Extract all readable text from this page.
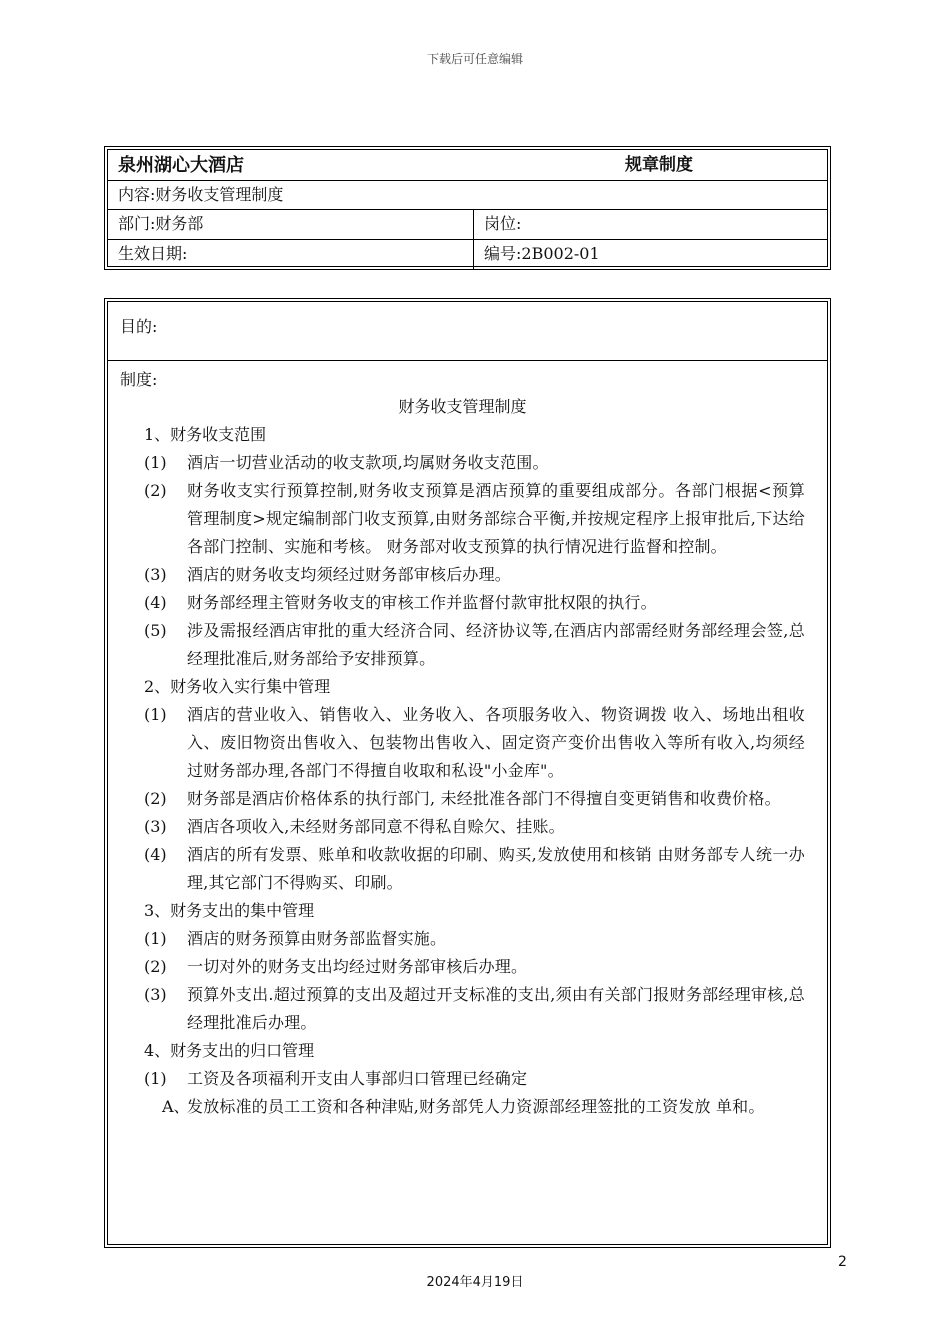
下载后可任意编辑
泉州湖心大酒店	规章制度
内容:财务收支管理制度
部门:财务部	岗位:
生效日期:	编号:2B002-01
目的:
制度:
财务收支管理制度
1、财务收支范围
(1)	酒店一切营业活动的收支款项,均属财务收支范围。
(2)	财务收支实行预算控制,财务收支预算是酒店预算的重要组成部分。各部门根据<预算管理制度>规定编制部门收支预算,由财务部综合平衡,并按规定程序上报审批后,下达给各部门控制、实施和考核。 财务部对收支预算的执行情况进行监督和控制。
(3)	酒店的财务收支均须经过财务部审核后办理。
(4)	财务部经理主管财务收支的审核工作并监督付款审批权限的执行。
(5)	涉及需报经酒店审批的重大经济合同、经济协议等,在酒店内部需经财务部经理会签,总经理批准后,财务部给予安排预算。
2、财务收入实行集中管理
(1)	酒店的营业收入、销售收入、业务收入、各项服务收入、物资调拨 收入、场地出租收入、废旧物资出售收入、包装物出售收入、固定资产变价出售收入等所有收入,均须经过财务部办理,各部门不得擅自收取和私设"小金库"。
(2)	财务部是酒店价格体系的执行部门, 未经批准各部门不得擅自变更销售和收费价格。
(3)	酒店各项收入,未经财务部同意不得私自赊欠、挂账。
(4)	酒店的所有发票、账单和收款收据的印刷、购买,发放使用和核销 由财务部专人统一办理,其它部门不得购买、印刷。
3、财务支出的集中管理
(1)	酒店的财务预算由财务部监督实施。
(2)	一切对外的财务支出均经过财务部审核后办理。
(3)	预算外支出.超过预算的支出及超过开支标准的支出,须由有关部门报财务部经理审核,总经理批准后办理。
4、财务支出的归口管理
(1)	工资及各项福利开支由人事部归口管理已经确定
A、
发放标准的员工工资和各种津贴,财务部凭人力资源部经理签批的工资发放 单和。
2
2024年4月19日
